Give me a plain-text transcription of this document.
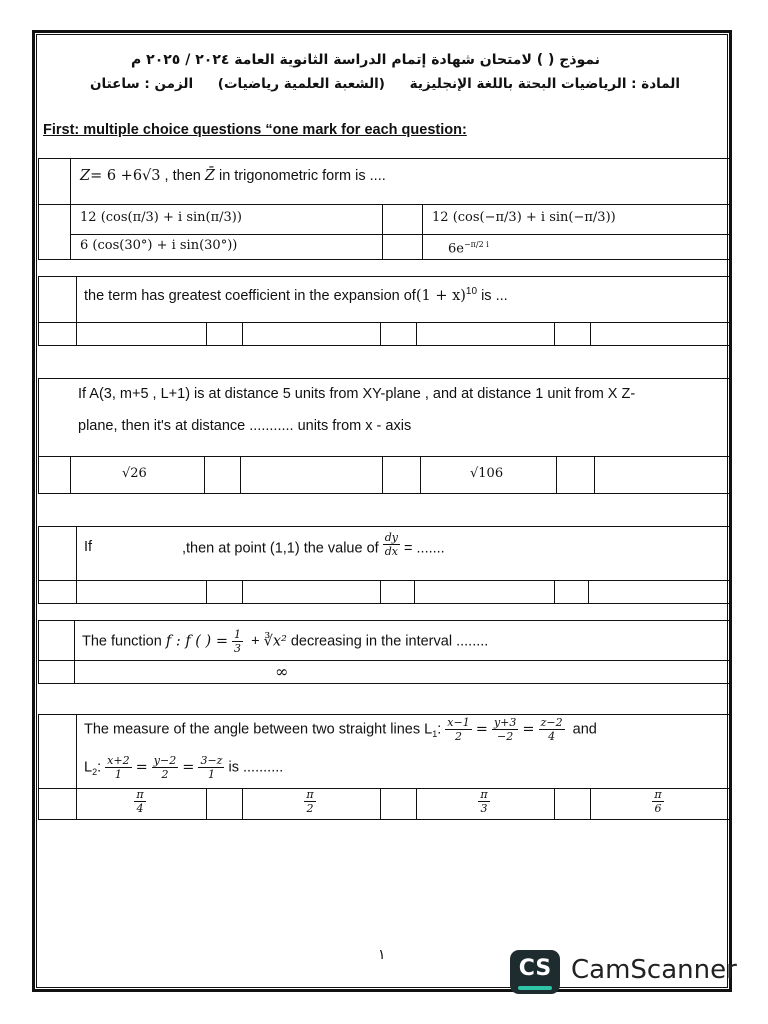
نموذج ( ) لامتحان شهادة إتمام الدراسة الثانوية العامة ٢٠٢٤ / ٢٠٢٥ م
المادة : الرياضيات البحتة باللغة الإنجليزية
(الشعبة العلمية رياضيات)
الزمن : ساعتان
First: multiple choice questions “one mark for each question:
Z= 6 +6√3 , then Z̄ in trigonometric form is ....
12 (cos(π/3) + i sin(π/3))	12 (cos(−π/3) + i sin(−π/3))
6 (cos(30°) + i sin(30°))	$6e^{-\pi/2 i}$
the term has greatest coefficient in the expansion $of(1 + x)^{10}$ is ...
If A(3, m+5 , L+1) is at distance 5 units from XY-plane , and at distance 1 unit from X Z-
plane, then it's at distance ........... units from x - axis
√26	√106
If	,then at point (1,1) the value of $\frac{dy}{dx}$ = .......
The function f : f ( ) = $\frac{1}{3}$ + ∛x² decreasing in the interval ........
∞
The measure of the angle between two straight lines $L_1$: $\frac{x-1}{2} = \frac{y+3}{-2} = \frac{z-2}{4}$ and
$L_2$: $\frac{x+2}{1} = \frac{y-2}{2} = \frac{3-z}{1}$ is ..........
$\frac{\pi}{4}$	$\frac{\pi}{2}$	$\frac{\pi}{3}$	$\frac{\pi}{6}$
١
CS CamScanner
